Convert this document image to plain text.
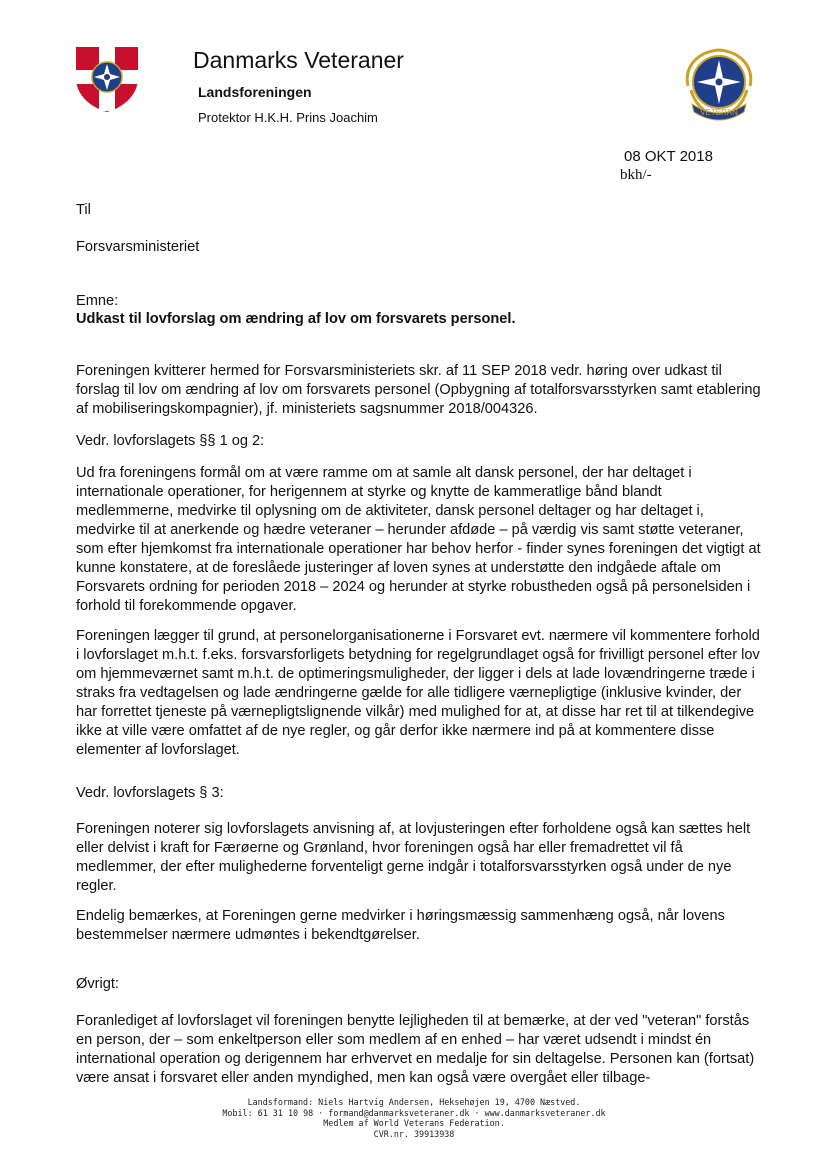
Danmarks Veteraner
Landsforeningen
Protektor H.K.H. Prins Joachim	VETERAN
08 OKT 2018
bkh/-
Til
Forsvarsministeriet
Emne:
Udkast til lovforslag om ændring af lov om forsvarets personel.
Foreningen kvitterer hermed for Forsvarsministeriets skr. af 11 SEP 2018 vedr. høring over udkast til forslag til lov om ændring af lov om forsvarets personel (Opbygning af totalforsvarsstyrken samt etablering af mobiliseringskompagnier), jf. ministeriets sagsnummer 2018/004326.
Vedr. lovforslagets §§ 1 og 2:
Ud fra foreningens formål om at være ramme om at samle alt dansk personel, der har deltaget i internationale operationer, for herigennem at styrke og knytte de kammeratlige bånd blandt medlemmerne, medvirke til oplysning om de aktiviteter, dansk personel deltager og har deltaget i, medvirke til at anerkende og hædre veteraner – herunder afdøde – på værdig vis samt støtte veteraner, som efter hjemkomst fra internationale operationer har behov herfor - finder synes foreningen det vigtigt at kunne konstatere, at de foreslåede justeringer af loven synes at understøtte den indgåede aftale om Forsvarets ordning for perioden 2018 – 2024 og herunder at styrke robustheden også på personelsiden i forhold til forekommende opgaver.
Foreningen lægger til grund, at personelorganisationerne i Forsvaret evt. nærmere vil kommentere forhold i lovforslaget m.h.t. f.eks. forsvarsforligets betydning for regelgrundlaget også for frivilligt personel efter lov om hjemmeværnet samt m.h.t. de optimeringsmuligheder, der ligger i dels at lade lovændringerne træde i straks fra vedtagelsen og lade ændringerne gælde for alle tidligere værnepligtige (inklusive kvinder, der har forrettet tjeneste på værnepligtslignende vilkår) med mulighed for at, at disse har ret til at tilkendegive ikke at ville være omfattet af de nye regler, og går derfor ikke nærmere ind på at kommentere disse elementer af lovforslaget.
Vedr. lovforslagets § 3:
Foreningen noterer sig lovforslagets anvisning af, at lovjusteringen efter forholdene også kan sættes helt eller delvist i kraft for Færøerne og Grønland, hvor foreningen også har eller fremadrettet vil få medlemmer, der efter mulighederne forventeligt gerne indgår i totalforsvarsstyrken også under de nye regler.
Endelig bemærkes, at Foreningen gerne medvirker i høringsmæssig sammenhæng også, når lovens bestemmelser nærmere udmøntes i bekendtgørelser.
Øvrigt:
Foranlediget af lovforslaget vil foreningen benytte lejligheden til at bemærke, at der ved "veteran" forstås en person, der – som enkeltperson eller som medlem af en enhed – har været udsendt i mindst én international operation og derigennem har erhvervet en medalje for sin deltagelse. Personen kan (fortsat) være ansat i forsvaret eller anden myndighed, men kan også være overgået eller tilbage-
Landsformand: Niels Hartvig Andersen, Heksehøjen 19, 4700 Næstved.
Mobil: 61 31 10 98 · formand@danmarksveteraner.dk · www.danmarksveteraner.dk
Medlem af World Veterans Federation.
CVR.nr. 39913938
